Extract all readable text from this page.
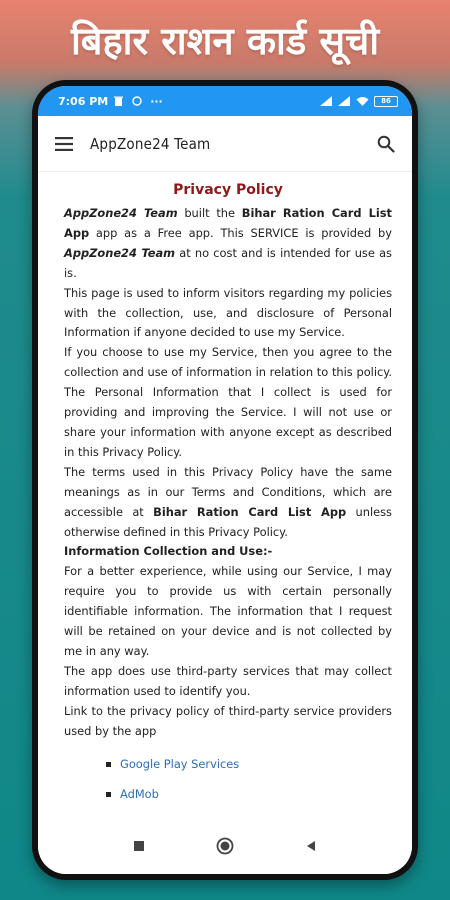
बिहार राशन कार्ड सूची
7:06 PM	···	86
AppZone24 Team
Privacy Policy

AppZone24 Team built the Bihar Ration Card List App app as a Free app. This SERVICE is provided by AppZone24 Team at no cost and is intended for use as is.

This page is used to inform visitors regarding my policies with the collection, use, and disclosure of Personal Information if anyone decided to use my Service.

If you choose to use my Service, then you agree to the collection and use of information in relation to this policy. The Personal Information that I collect is used for providing and improving the Service. I will not use or share your information with anyone except as described in this Privacy Policy.

The terms used in this Privacy Policy have the same meanings as in our Terms and Conditions, which are accessible at Bihar Ration Card List App unless otherwise defined in this Privacy Policy.

Information Collection and Use:-

For a better experience, while using our Service, I may require you to provide us with certain personally identifiable information. The information that I request will be retained on your device and is not collected by me in any way.

The app does use third-party services that may collect information used to identify you.

Link to the privacy policy of third-party service providers used by the app

Google Play Services
AdMob
